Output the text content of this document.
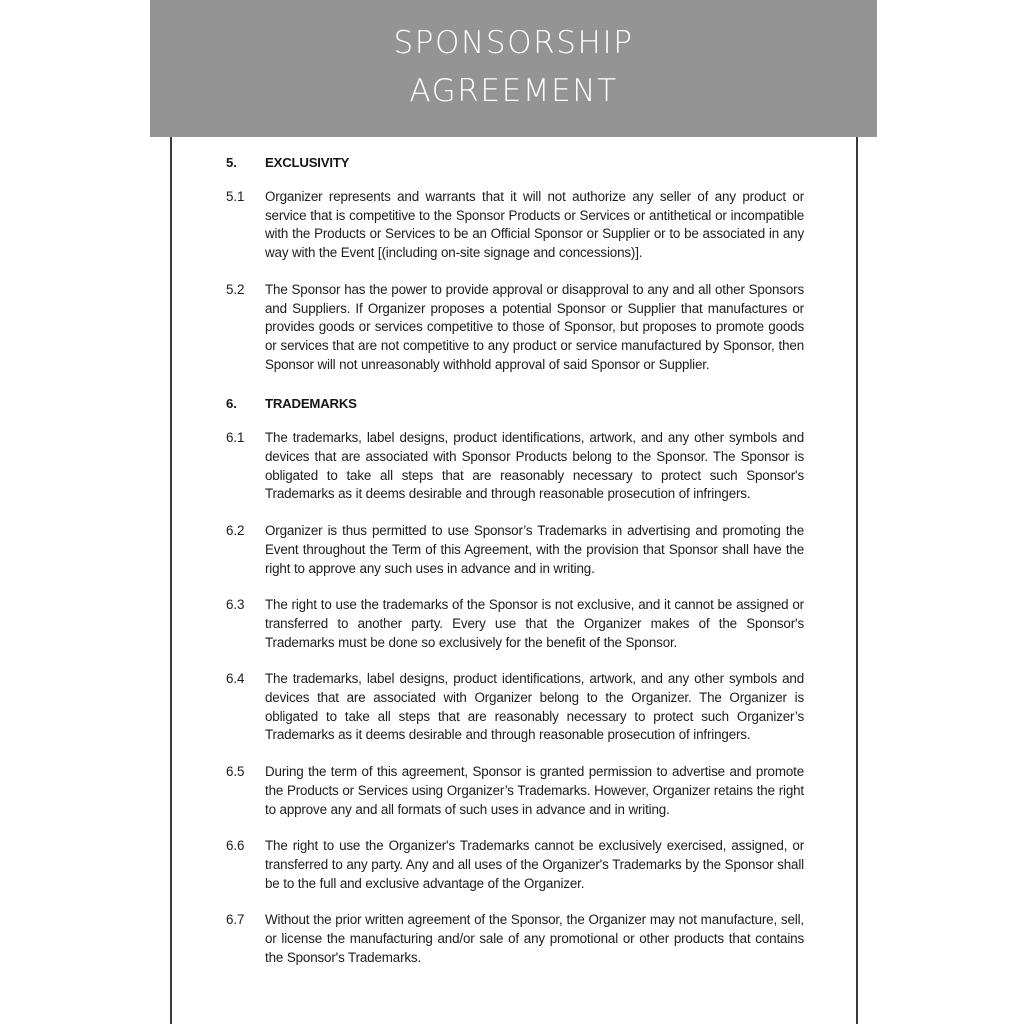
SPONSORSHIP
AGREEMENT
5.	EXCLUSIVITY
5.1	Organizer represents and warrants that it will not authorize any seller of any product or service that is competitive to the Sponsor Products or Services or antithetical or incompatible with the Products or Services to be an Official Sponsor or Supplier or to be associated in any way with the Event [(including on-site signage and concessions)].

5.2	The Sponsor has the power to provide approval or disapproval to any and all other Sponsors and Suppliers. If Organizer proposes a potential Sponsor or Supplier that manufactures or provides goods or services competitive to those of Sponsor, but proposes to promote goods or services that are not competitive to any product or service manufactured by Sponsor, then Sponsor will not unreasonably withhold approval of said Sponsor or Supplier.

6.	TRADEMARKS
6.1	The trademarks, label designs, product identifications, artwork, and any other symbols and devices that are associated with Sponsor Products belong to the Sponsor. The Sponsor is obligated to take all steps that are reasonably necessary to protect such Sponsor's Trademarks as it deems desirable and through reasonable prosecution of infringers.

6.2	Organizer is thus permitted to use Sponsor’s Trademarks in advertising and promoting the Event throughout the Term of this Agreement, with the provision that Sponsor shall have the right to approve any such uses in advance and in writing.

6.3	The right to use the trademarks of the Sponsor is not exclusive, and it cannot be assigned or transferred to another party. Every use that the Organizer makes of the Sponsor's Trademarks must be done so exclusively for the benefit of the Sponsor.

6.4	The trademarks, label designs, product identifications, artwork, and any other symbols and devices that are associated with Organizer belong to the Organizer. The Organizer is obligated to take all steps that are reasonably necessary to protect such Organizer’s Trademarks as it deems desirable and through reasonable prosecution of infringers.

6.5	During the term of this agreement, Sponsor is granted permission to advertise and promote the Products or Services using Organizer’s Trademarks. However, Organizer retains the right to approve any and all formats of such uses in advance and in writing.

6.6	The right to use the Organizer's Trademarks cannot be exclusively exercised, assigned, or transferred to any party. Any and all uses of the Organizer's Trademarks by the Sponsor shall be to the full and exclusive advantage of the Organizer.

6.7	Without the prior written agreement of the Sponsor, the Organizer may not manufacture, sell, or license the manufacturing and/or sale of any promotional or other products that contains the Sponsor's Trademarks.
